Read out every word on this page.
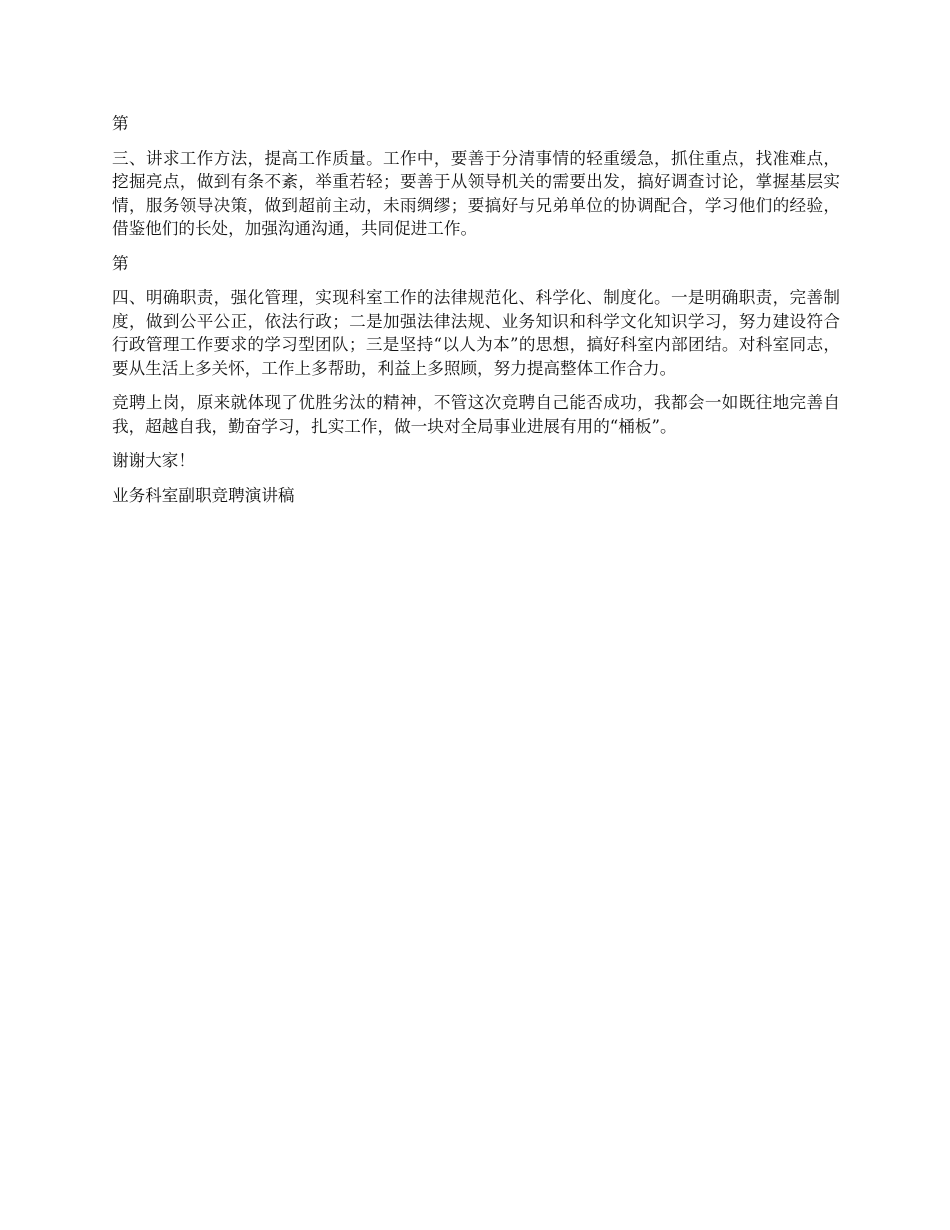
第

三、讲求工作方法，提高工作质量。工作中，要善于分清事情的轻重缓急，抓住重点，找准难点，挖掘亮点，做到有条不紊，举重若轻；要善于从领导机关的需要出发，搞好调查讨论，掌握基层实情，服务领导决策，做到超前主动，未雨绸缪；要搞好与兄弟单位的协调配合，学习他们的经验，借鉴他们的长处，加强沟通沟通，共同促进工作。

第

四、明确职责，强化管理，实现科室工作的法律规范化、科学化、制度化。一是明确职责，完善制度，做到公平公正，依法行政；二是加强法律法规、业务知识和科学文化知识学习，努力建设符合行政管理工作要求的学习型团队；三是坚持“以人为本”的思想，搞好科室内部团结。对科室同志，要从生活上多关怀，工作上多帮助，利益上多照顾，努力提高整体工作合力。

竞聘上岗，原来就体现了优胜劣汰的精神，不管这次竞聘自己能否成功，我都会一如既往地完善自我，超越自我，勤奋学习，扎实工作，做一块对全局事业进展有用的“桶板”。

谢谢大家！

业务科室副职竞聘演讲稿
